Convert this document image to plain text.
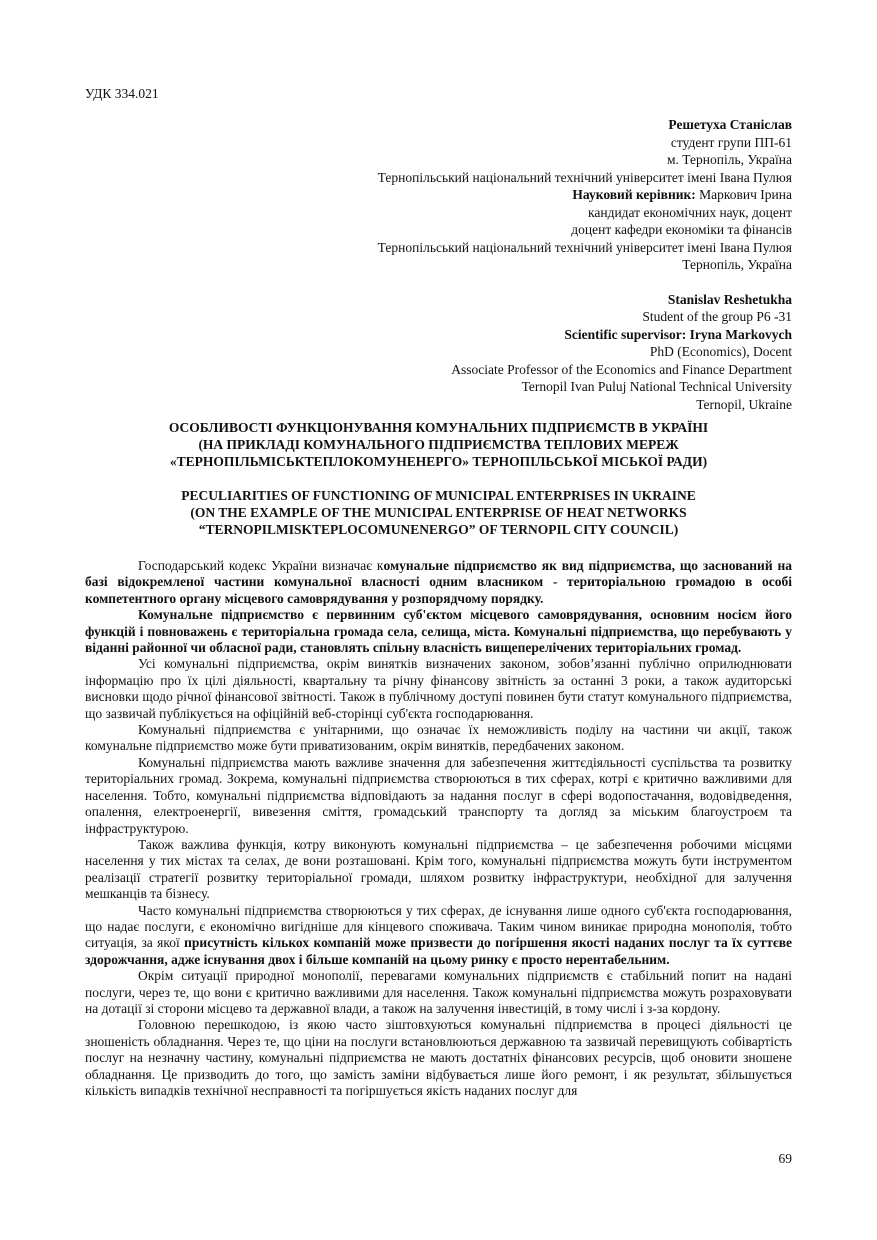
УДК 334.021
Решетуха Станіслав
студент групи ПП-61
м. Тернопіль, Україна
Тернопільський національний технічний університет імені Івана Пулюя
Науковий керівник: Маркович Ірина
кандидат економічних наук, доцент
доцент кафедри економіки та фінансів
Тернопільський національний технічний університет імені Івана Пулюя
Тернопіль, Україна
Stanislav Reshetukha
Student of the group P6 -31
Scientific supervisor: Iryna Markovych
PhD (Economics), Docent
Associate Professor of the Economics and Finance Department
Ternopil Ivan Puluj National Technical University
Ternopil, Ukraine
ОСОБЛИВОСТІ ФУНКЦІОНУВАННЯ КОМУНАЛЬНИХ ПІДПРИЄМСТВ В УКРАЇНІ
(НА ПРИКЛАДІ КОМУНАЛЬНОГО ПІДПРИЄМСТВА ТЕПЛОВИХ МЕРЕЖ
«ТЕРНОПІЛЬМІСЬКТЕПЛОКОМУНЕНЕРГО» ТЕРНОПІЛЬСЬКОЇ МІСЬКОЇ РАДИ)
PECULIARITIES OF FUNCTIONING OF MUNICIPAL ENTERPRISES IN UKRAINE
(ON THE EXAMPLE OF THE MUNICIPAL ENTERPRISE OF HEAT NETWORKS
“TERNOPILMISKTEPLOCOMUNENERGO” OF TERNOPIL CITY COUNCIL)

Господарський кодекс України визначає комунальне підприємство як вид підприємства, що заснований на базі відокремленої частини комунальної власності одним власником - територіальною громадою в особі компетентного органу місцевого самоврядування у розпорядчому порядку.

Комунальне підприємство є первинним суб'єктом місцевого самоврядування, основним носієм його функцій і повноважень є територіальна громада села, селища, міста. Комунальні підприємства, що перебувають у віданні районної чи обласної ради, становлять спільну власність вищеперелічених територіальних громад.

Усі комунальні підприємства, окрім винятків визначених законом, зобов’язанні публічно оприлюднювати інформацію про їх цілі діяльності, квартальну та річну фінансову звітність за останні 3 роки, а також аудиторські висновки щодо річної фінансової звітності. Також в публічному доступі повинен бути статут комунального підприємства, що зазвичай публікується на офіційній веб-сторінці суб'єкта господарювання.

Комунальні підприємства є унітарними, що означає їх неможливість поділу на частини чи акції, також комунальне підприємство може бути приватизованим, окрім винятків, передбачених законом.

Комунальні підприємства мають важливе значення для забезпечення життєдіяльності суспільства та розвитку територіальних громад. Зокрема, комунальні підприємства створюються в тих сферах, котрі є критично важливими для населення. Тобто, комунальні підприємства відповідають за надання послуг в сфері водопостачання, водовідведення, опалення, електроенергії, вивезення сміття, громадський транспорту та догляд за міським благоустроєм та інфраструктурою.

Також важлива функція, котру виконують комунальні підприємства – це забезпечення робочими місцями населення у тих містах та селах, де вони розташовані. Крім того, комунальні підприємства можуть бути інструментом реалізації стратегії розвитку територіальної громади, шляхом розвитку інфраструктури, необхідної для залучення мешканців та бізнесу.

Часто комунальні підприємства створюються у тих сферах, де існування лише одного суб'єкта господарювання, що надає послуги, є економічно вигідніше для кінцевого споживача. Таким чином виникає природна монополія, тобто ситуація, за якої присутність кількох компаній може призвести до погіршення якості наданих послуг та їх суттєве здорожчання, адже існування двох і більше компаній на цьому ринку є просто нерентабельним.

Окрім ситуації природної монополії, перевагами комунальних підприємств є стабільний попит на надані послуги, через те, що вони є критично важливими для населення. Також комунальні підприємства можуть розраховувати на дотації зі сторони місцево та державної влади, а також на залучення інвестицій, в тому числі і з-за кордону.

Головною перешкодою, із якою часто зіштовхуються комунальні підприємства в процесі діяльності це зношеність обладнання. Через те, що ціни на послуги встановлюються державною та зазвичай перевищують собівартість послуг на незначну частину, комунальні підприємства не мають достатніх фінансових ресурсів, щоб оновити зношене обладнання. Це призводить до того, що замість заміни відбувається лише його ремонт, і як результат, збільшується кількість випадків технічної несправності та погіршується якість наданих послуг для

69
